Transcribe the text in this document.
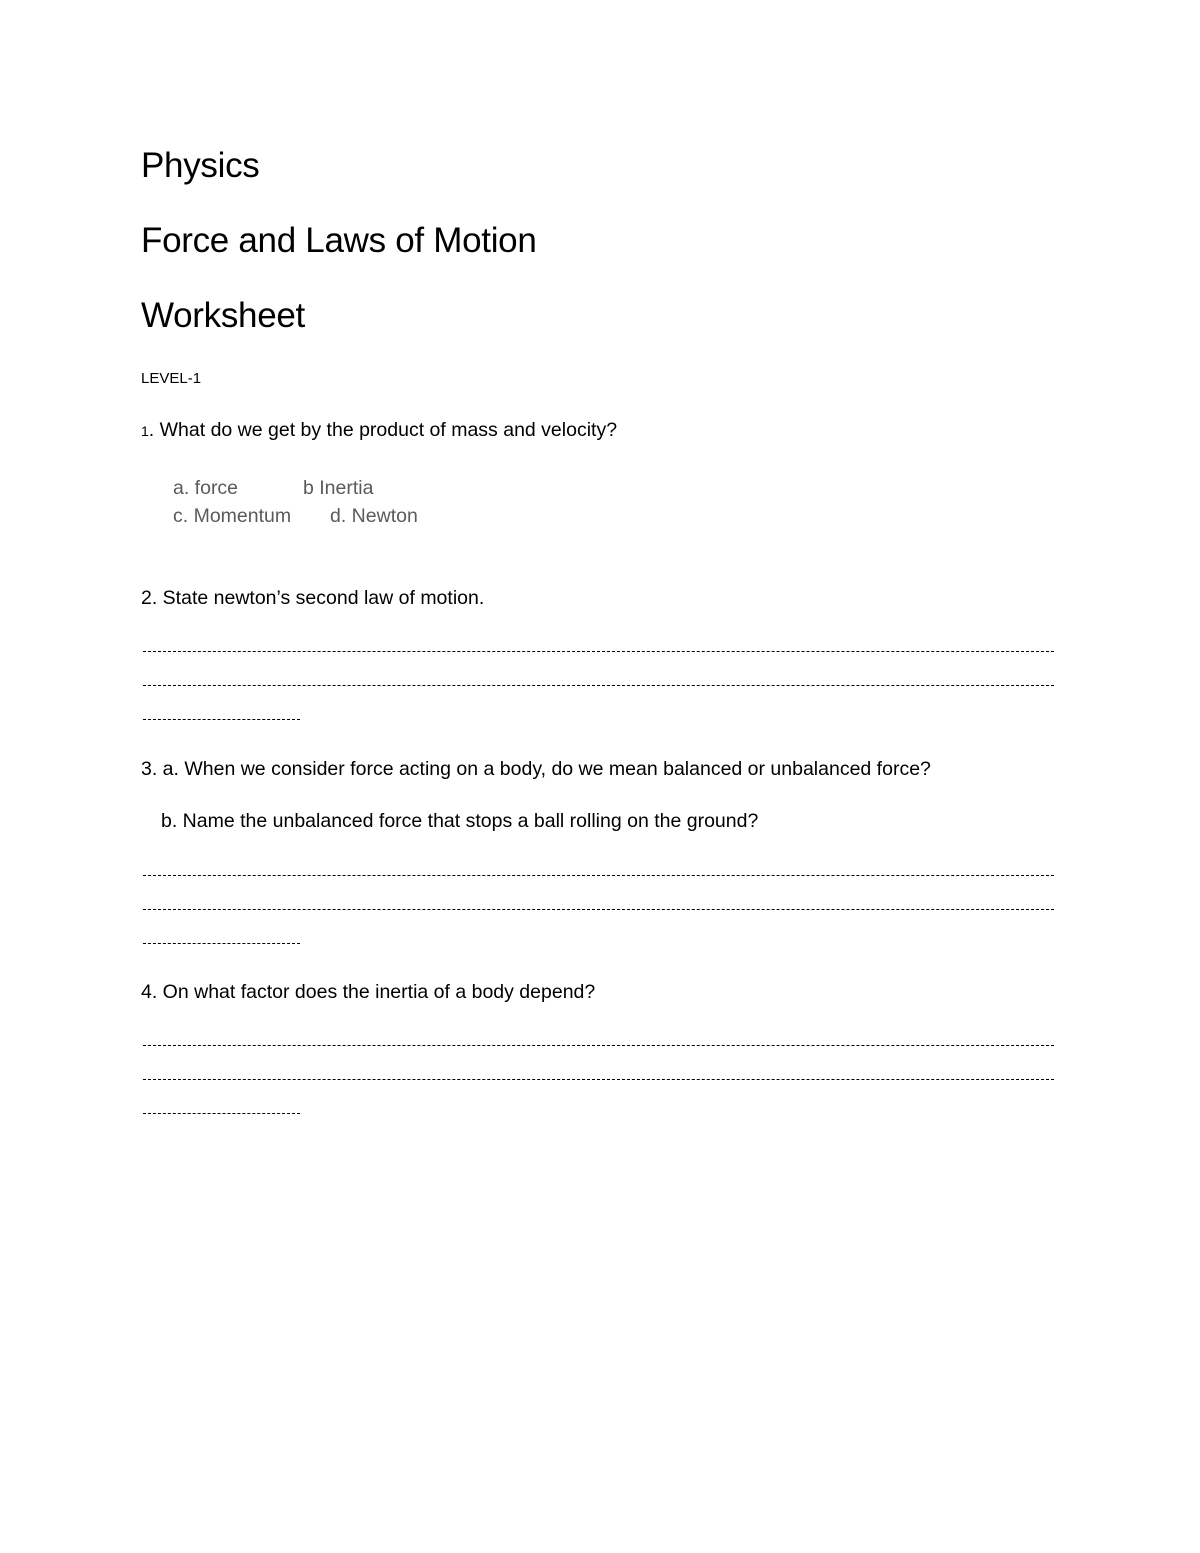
Physics
Force and Laws of Motion
Worksheet
LEVEL-1
1. What do we get by the product of mass and velocity?
a. force	b Inertia
c. Momentum d. Newton
2. State newton’s second law of motion.
3. a. When we consider force acting on a body, do we mean balanced or unbalanced force?
b. Name the unbalanced force that stops a ball rolling on the ground?
4. On what factor does the inertia of a body depend?
